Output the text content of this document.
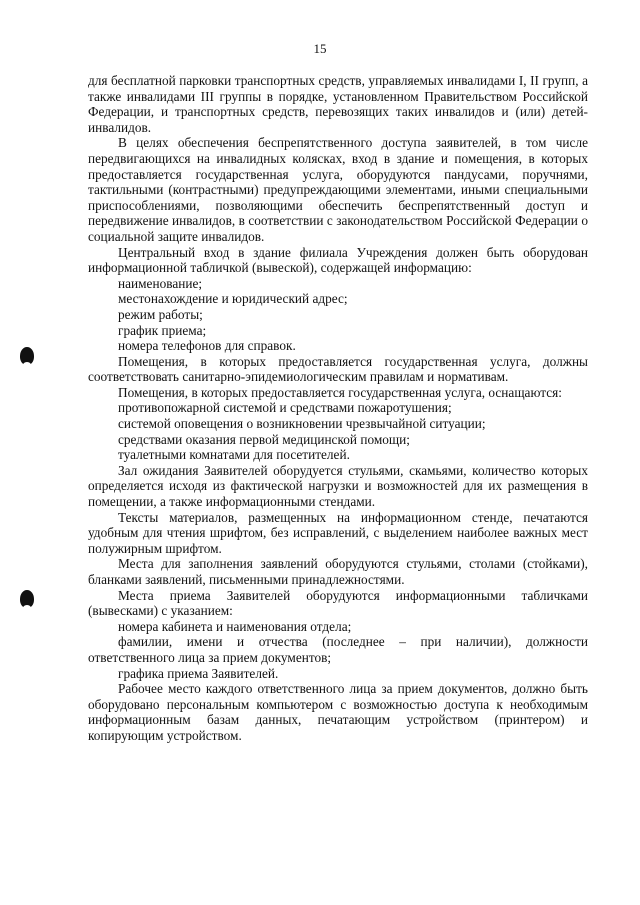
15

для бесплатной парковки транспортных средств, управляемых инвалидами I, II групп, а также инвалидами III группы в порядке, установленном Правительством Российской Федерации, и транспортных средств, перевозящих таких инвалидов и (или) детей-инвалидов.

В целях обеспечения беспрепятственного доступа заявителей, в том числе передвигающихся на инвалидных колясках, вход в здание и помещения, в которых предоставляется государственная услуга, оборудуются пандусами, поручнями, тактильными (контрастными) предупреждающими элементами, иными специальными приспособлениями, позволяющими обеспечить беспрепятственный доступ и передвижение инвалидов, в соответствии с законодательством Российской Федерации о социальной защите инвалидов.

Центральный вход в здание филиала Учреждения должен быть оборудован информационной табличкой (вывеской), содержащей информацию:

наименование;

местонахождение и юридический адрес;

режим работы;

график приема;

номера телефонов для справок.

Помещения, в которых предоставляется государственная услуга, должны соответствовать санитарно-эпидемиологическим правилам и нормативам.

Помещения, в которых предоставляется государственная услуга, оснащаются:

противопожарной системой и средствами пожаротушения;

системой оповещения о возникновении чрезвычайной ситуации;

средствами оказания первой медицинской помощи;

туалетными комнатами для посетителей.

Зал ожидания Заявителей оборудуется стульями, скамьями, количество которых определяется исходя из фактической нагрузки и возможностей для их размещения в помещении, а также информационными стендами.

Тексты материалов, размещенных на информационном стенде, печатаются удобным для чтения шрифтом, без исправлений, с выделением наиболее важных мест полужирным шрифтом.

Места для заполнения заявлений оборудуются стульями, столами (стойками), бланками заявлений, письменными принадлежностями.

Места приема Заявителей оборудуются информационными табличками (вывесками) с указанием:

номера кабинета и наименования отдела;

фамилии, имени и отчества (последнее – при наличии), должности ответственного лица за прием документов;

графика приема Заявителей.

Рабочее место каждого ответственного лица за прием документов, должно быть оборудовано персональным компьютером с возможностью доступа к необходимым информационным базам данных, печатающим устройством (принтером) и копирующим устройством.
